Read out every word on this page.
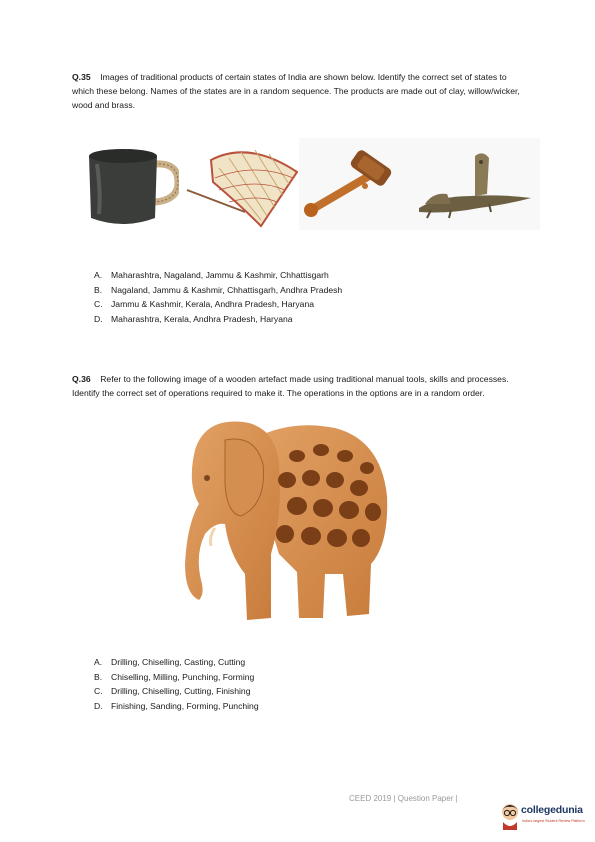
Q.35 Images of traditional products of certain states of India are shown below. Identify the correct set of states to which these belong. Names of the states are in a random sequence. The products are made out of clay, willow/wicker, wood and brass.
A. Maharashtra, Nagaland, Jammu & Kashmir, Chhattisgarh
B. Nagaland, Jammu & Kashmir, Chhattisgarh, Andhra Pradesh
C. Jammu & Kashmir, Kerala, Andhra Pradesh, Haryana
D. Maharashtra, Kerala, Andhra Pradesh, Haryana
Q.36 Refer to the following image of a wooden artefact made using traditional manual tools, skills and processes. Identify the correct set of operations required to make it. The operations in the options are in a random order.
A. Drilling, Chiselling, Casting, Cutting
B. Chiselling, Milling, Punching, Forming
C. Drilling, Chiselling, Cutting, Finishing
D. Finishing, Sanding, Forming, Punching
CEED 2019 | Question Paper |
collegedunia
India's largest Student Review Platform
